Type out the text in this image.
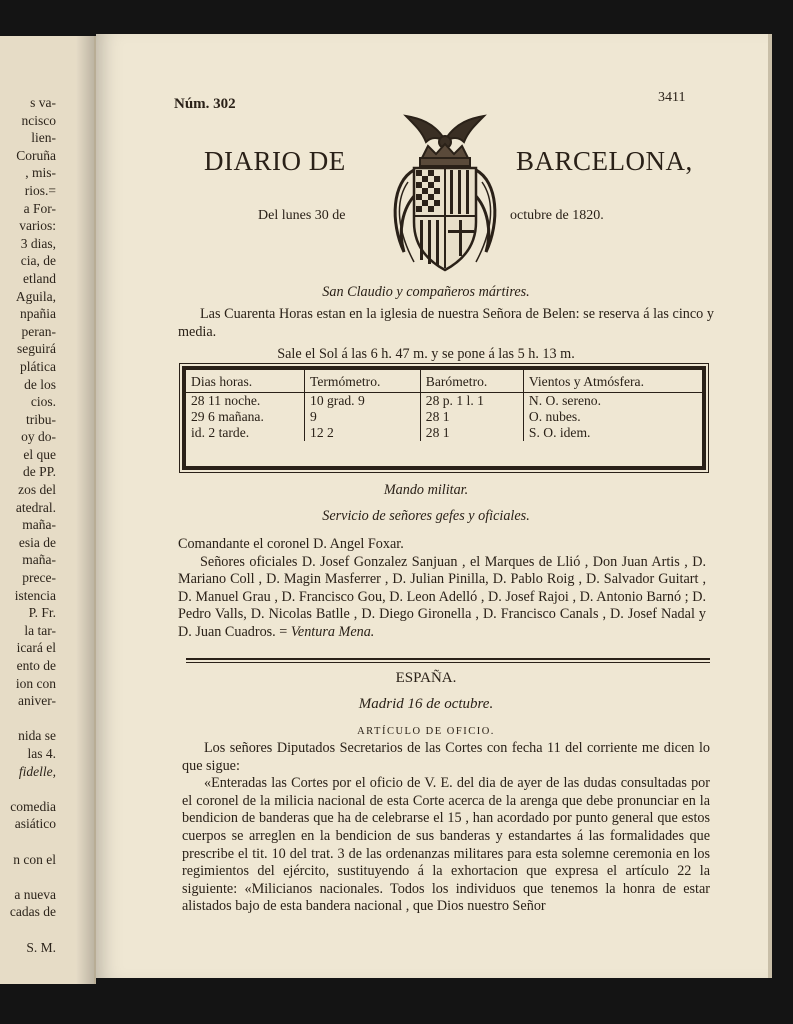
s va-
ncisco
lien-
Coruña
, mis-
rios.=
a For-
varios:
3 dias,
cia, de
etland
Aguila,
npañia
peran-
seguirá
plática
de los
cios.
tribu-
oy do-
el que
de PP.
zos del
atedral.
maña-
esia de
maña-
prece-
istencia
P. Fr.
la tar-
icará el
ento de
ion con
aniver-
nida se
las 4.
fidelle,
comedia
asiático
n con el
a nueva
cadas de
S. M.
Núm. 302	3411
DIARIO DE	BARCELONA,
Del lunes 30 de	octubre de 1820.
San Claudio y compañeros mártires.
Las Cuarenta Horas estan en la iglesia de nuestra Señora de Belen: se reserva á las cinco y media.
Sale el Sol á las 6 h. 47 m. y se pone á las 5 h. 13 m.
Dias horas.	Termómetro.	Barómetro.	Vientos y Atmósfera.
28 11 noche.	10 grad. 9	28 p. 1 l. 1	N. O. sereno.
29 6 mañana.	9	28 1	O. nubes.
id. 2 tarde.	12 2	28 1	S. O. idem.
Mando militar.
Servicio de señores gefes y oficiales.

Comandante el coronel D. Angel Foxar.

Señores oficiales D. Josef Gonzalez Sanjuan , el Marques de Llió , Don Juan Artis , D. Mariano Coll , D. Magin Masferrer , D. Julian Pinilla, D. Pablo Roig , D. Salvador Guitart , D. Manuel Grau , D. Francisco Gou, D. Leon Adelló , D. Josef Rajoi , D. Antonio Barnó ; D. Pedro Valls, D. Nicolas Batlle , D. Diego Gironella , D. Francisco Canals , D. Josef Nadal y D. Juan Cuadros. = Ventura Mena.

ESPAÑA.
Madrid 16 de octubre.
ARTÍCULO DE OFICIO.

Los señores Diputados Secretarios de las Cortes con fecha 11 del corriente me dicen lo que sigue:

«Enteradas las Cortes por el oficio de V. E. del dia de ayer de las dudas consultadas por el coronel de la milicia nacional de esta Corte acerca de la arenga que debe pronunciar en la bendicion de banderas que ha de celebrarse el 15 , han acordado por punto general que estos cuerpos se arreglen en la bendicion de sus banderas y estandartes á las formalidades que prescribe el tit. 10 del trat. 3 de las ordenanzas militares para esta solemne ceremonia en los regimientos del ejército, sustituyendo á la exhortacion que expresa el artículo 22 la siguiente: «Milicianos nacionales. Todos los individuos que tenemos la honra de estar alistados bajo de esta bandera nacional , que Dios nuestro Señor
